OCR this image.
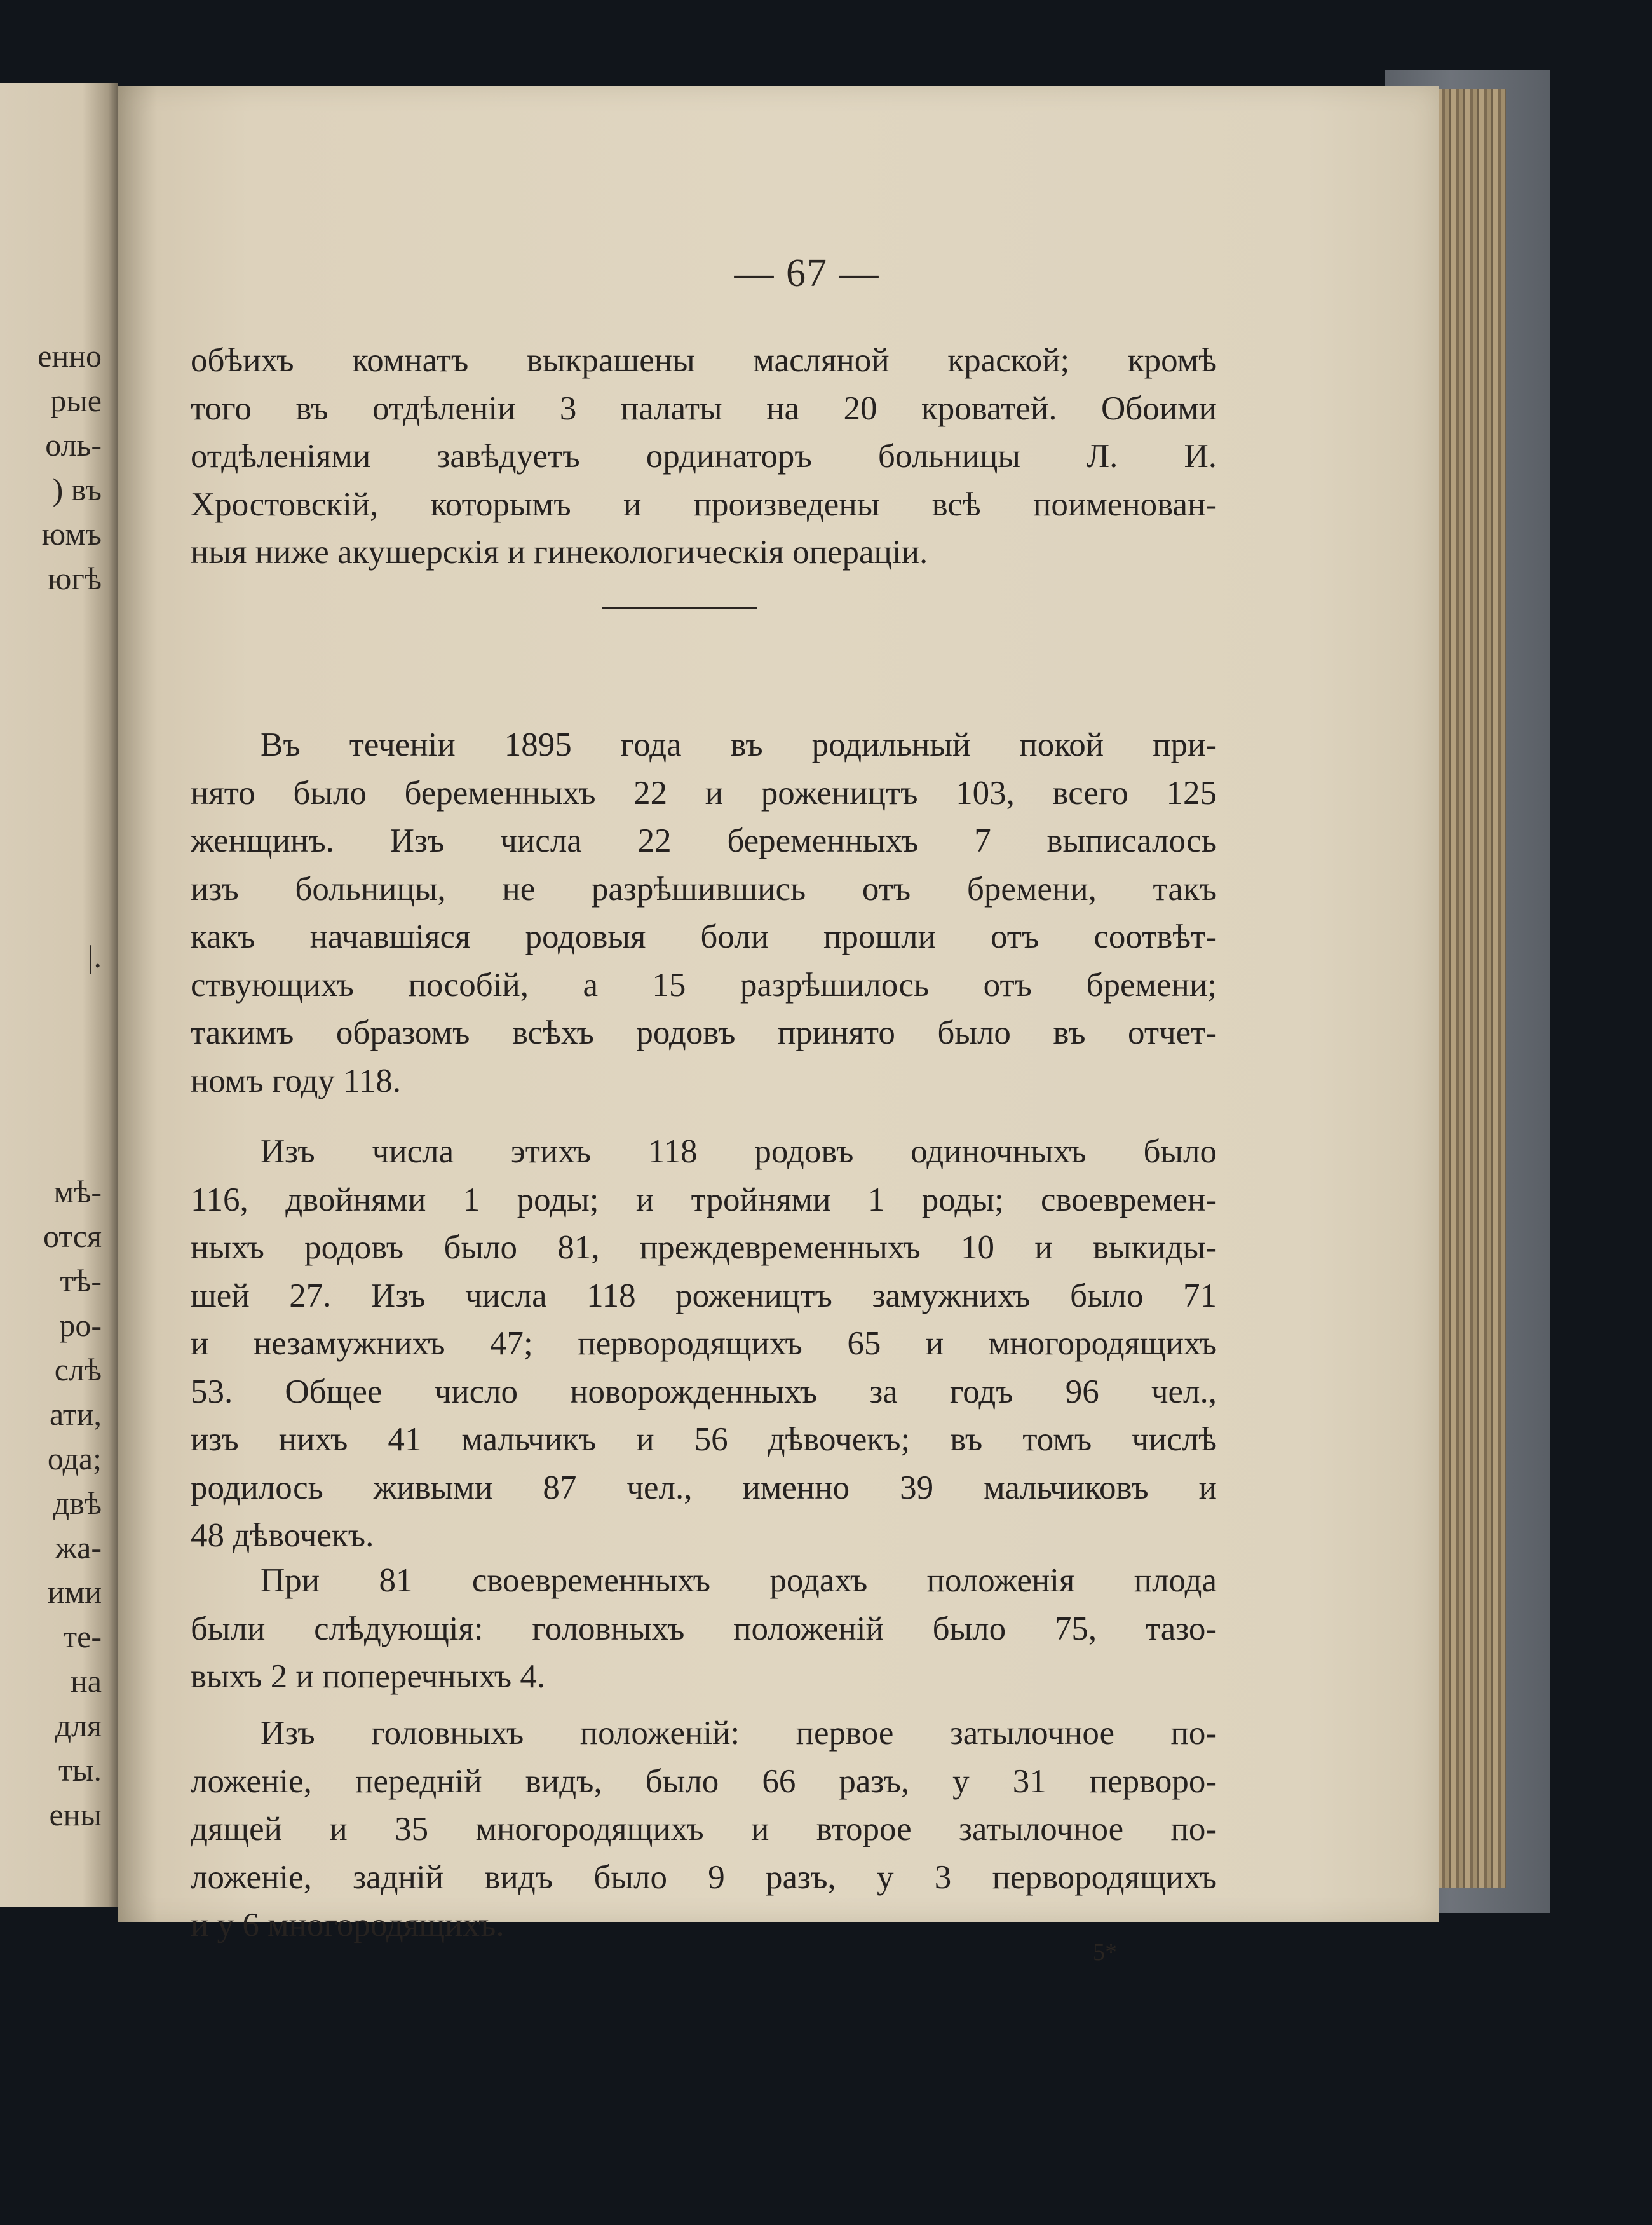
енно
рые
оль-
) въ
юмъ
югѣ
|.
мѣ-
отся
тѣ-
ро-
слѣ
ати,
ода;
двѣ
жа-
ими
те-
на
для
ты.
ены
— 67 —
обѣихъ комнатъ выкрашены масляной краской; кромѣ
того въ отдѣленіи 3 палаты на 20 кроватей. Обоими
отдѣленіями завѣдуетъ ординаторъ больницы Л. И.
Хростовскій, которымъ и произведены всѣ поименован-
ныя ниже акушерскія и гинекологическія операціи.
Въ теченіи 1895 года въ родильный покой при-
нято было беременныхъ 22 и рожеництъ 103, всего 125
женщинъ. Изъ числа 22 беременныхъ 7 выписалось
изъ больницы, не разрѣшившись отъ бремени, такъ
какъ начавшіяся родовыя боли прошли отъ соотвѣт-
ствующихъ пособій, а 15 разрѣшилось отъ бремени;
такимъ образомъ всѣхъ родовъ принято было въ отчет-
номъ году 118.
Изъ числа этихъ 118 родовъ одиночныхъ было
116, двойнями 1 роды; и тройнями 1 роды; своевремен-
ныхъ родовъ было 81, преждевременныхъ 10 и выкиды-
шей 27. Изъ числа 118 рожеництъ замужнихъ было 71
и незамужнихъ 47; первородящихъ 65 и многородящихъ
53. Общее число новорожденныхъ за годъ 96 чел.,
изъ нихъ 41 мальчикъ и 56 дѣвочекъ; въ томъ числѣ
родилось живыми 87 чел., именно 39 мальчиковъ и
48 дѣвочекъ.
При 81 своевременныхъ родахъ положенія плода
были слѣдующія: головныхъ положеній было 75, тазо-
выхъ 2 и поперечныхъ 4.
Изъ головныхъ положеній: первое затылочное по-
ложеніе, передній видъ, было 66 разъ, у 31 перворо-
дящей и 35 многородящихъ и второе затылочное по-
ложеніе, задній видъ было 9 разъ, у 3 первородящихъ
и у 6 многородящихъ.
5*
